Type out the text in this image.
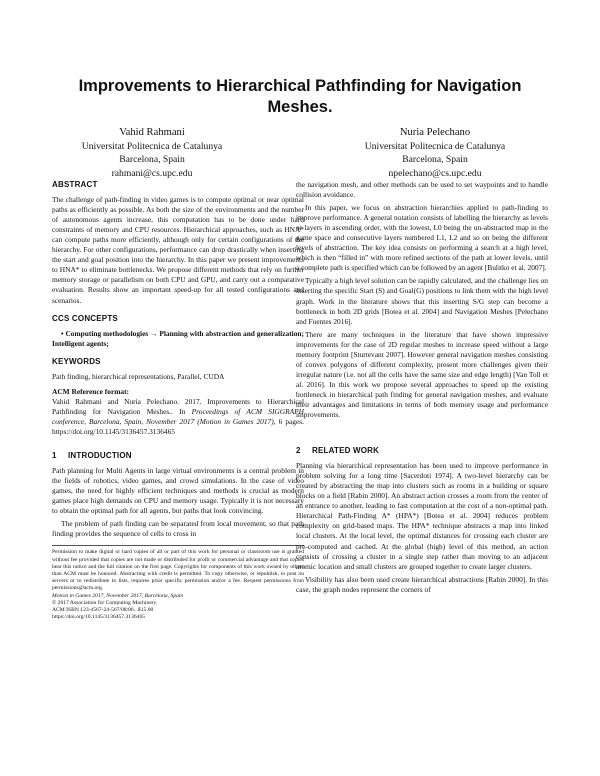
Improvements to Hierarchical Pathfinding for Navigation Meshes.
Vahid Rahmani
Universitat Politecnica de Catalunya
Barcelona, Spain
rahmani@cs.upc.edu
Nuria Pelechano
Universitat Politecnica de Catalunya
Barcelona, Spain
npelechano@cs.upc.edu
ABSTRACT

The challenge of path-finding in video games is to compute optimal or near optimal paths as efficiently as possible. As both the size of the environments and the number of autonomous agents increase, this computation has to be done under hard constraints of memory and CPU resources. Hierarchical approaches, such as HNA* can compute paths more efficiently, although only for certain configurations of the hierarchy. For other configurations, performance can drop drastically when inserting the start and goal position into the hierarchy. In this paper we present improvements to HNA* to eliminate bottlenecks. We propose different methods that rely on further memory storage or parallelism on both CPU and GPU, and carry out a comparative evaluation. Results show an important speed-up for all tested configurations and scenarios.

CCS CONCEPTS

• Computing methodologies → Planning with abstraction and generalization; Intelligent agents;

KEYWORDS

Path finding, hierarchical representations, Parallel, CUDA

ACM Reference format:
Vahid Rahmani and Nuria Pelechano. 2017. Improvements to Hierarchical Pathfinding for Navigation Meshes.. In Proceedings of ACM SIGGRAPH conference, Barcelona, Spain, November 2017 (Motion in Games 2017), 6 pages. https://doi.org/10.1145/3136457.3136465

1 INTRODUCTION

Path planning for Multi Agents in large virtual environments is a central problem in the fields of robotics, video games, and crowd simulations. In the case of video games, the need for highly efficient techniques and methods is crucial as modern games place high demands on CPU and memory usage. Typically it is not necessary to obtain the optimal path for all agents, but paths that look convincing.

The problem of path finding can be separated from local movement, so that path finding provides the sequence of cells to cross in

Permission to make digital or hard copies of all or part of this work for personal or classroom use is granted without fee provided that copies are not made or distributed for profit or commercial advantage and that copies bear this notice and the full citation on the first page. Copyrights for components of this work owned by others than ACM must be honored. Abstracting with credit is permitted. To copy otherwise, or republish, to post on servers or to redistribute to lists, requires prior specific permission and/or a fee. Request permissions from permissions@acm.org.
Motion in Games 2017, November 2017, Barcelona, Spain
© 2017 Association for Computing Machinery.
ACM ISBN 123-4567-24-567/08/06...$15.00
https://doi.org/10.1145/3136457.3136465

the navigation mesh, and other methods can be used to set waypoints and to handle collision avoidance.

In this paper, we focus on abstraction hierarchies applied to path-finding to improve performance. A general notation consists of labelling the hierarchy as levels or layers in ascending order, with the lowest, L0 being the un-abstracted map in the game space and consecutive layers numbered L1, L2 and so on being the different levels of abstraction. The key idea consists on performing a search at a high level, which is then “filled in” with more refined sections of the path at lower levels, until a complete path is specified which can be followed by an agent [Bulitko et al. 2007].

Typically a high level solution can be rapidly calculated, and the challenge lies on inserting the specific Start (S) and Goal(G) positions to link them with the high level graph. Work in the literature shows that this inserting S/G step can become a bottleneck in both 2D grids [Botea et al. 2004] and Navigation Meshes [Pelechano and Fuentes 2016].

There are many techniques in the literature that have shown impressive improvements for the case of 2D regular meshes to increase speed without a large memory footprint [Sturtevant 2007]. However general navigation meshes consisting of convex polygons of different complexity, present more challenges given their irregular nature (i.e. not all the cells have the same size and edge length) [Van Toll et al. 2016]. In this work we propose several approaches to speed up the existing bottleneck in hierarchical path finding for general navigation meshes, and evaluate their advantages and limitations in terms of both memory usage and performance improvements.

2 RELATED WORK

Planning via hierarchical representation has been used to improve performance in problem solving for a long time [Sacerdoti 1974]. A two-level hierarchy can be created by abstracting the map into clusters such as rooms in a building or square blocks on a field [Rabin 2000]. An abstract action crosses a room from the center of an entrance to another, leading to fast computation at the cost of a non-optimal path. Hierarchical Path-Finding A* (HPA*) [Botea et al. 2004] reduces problem complexity on grid-based maps. The HPA* technique abstracts a map into linked local clusters. At the local level, the optimal distances for crossing each cluster are pre-computed and cached. At the global (high) level of this method, an action consists of crossing a cluster in a single step rather than moving to an adjacent atomic location and small clusters are grouped together to create larger clusters.

Visibility has also been used create hierarchical abstractions [Rabin 2000]. In this case, the graph nodes represent the corners of
